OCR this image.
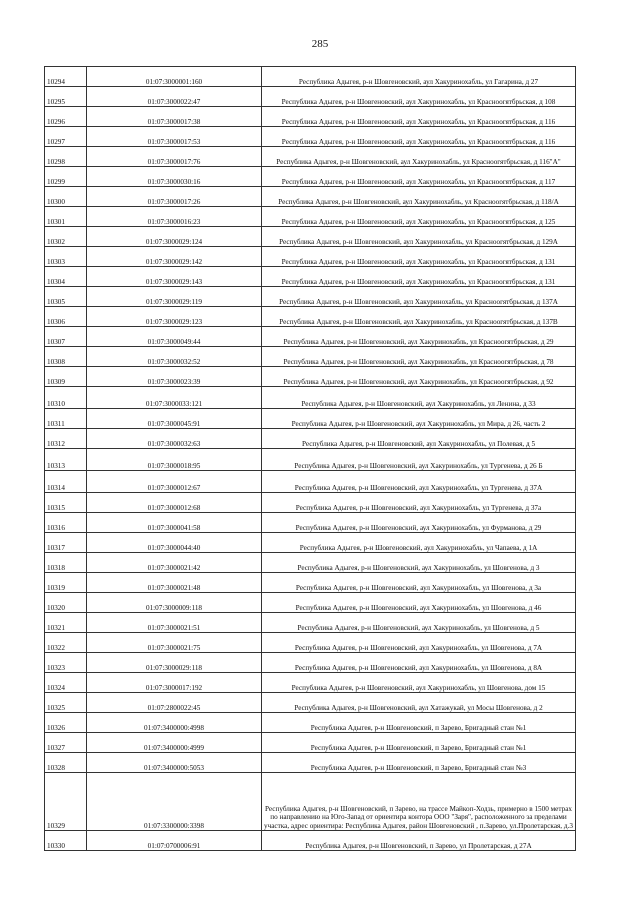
285
10294	01:07:3000001:160	Республика Адыгея, р-н Шовгеновский, аул Хакуринохабль, ул Гагарина, д 27
10295	01:07:3000022:47	Республика Адыгея, р-н Шовгеновский, аул Хакуринохабль, ул Красноогятбрьская, д 108
10296	01:07:3000017:38	Республика Адыгея, р-н Шовгеновский, аул Хакуринохабль, ул Красноогятбрьская, д 116
10297	01:07:3000017:53	Республика Адыгея, р-н Шовгеновский, аул Хакуринохабль, ул Красноогятбрьская, д 116
10298	01:07:3000017:76	Республика Адыгея, р-н Шовгеновский, аул Хакуринохабль, ул Красноогятбрьская, д 116"А"
10299	01:07:3000030:16	Республика Адыгея, р-н Шовгеновский, аул Хакуринохабль, ул Красноогятбрьская, д 117
10300	01:07:3000017:26	Республика Адыгея, р-н Шовгеновский, аул Хакуринохабль, ул Красноогятбрьская, д 118/А
10301	01:07:3000016:23	Республика Адыгея, р-н Шовгеновский, аул Хакуринохабль, ул Красноогятбрьская, д 125
10302	01:07:3000029:124	Республика Адыгея, р-н Шовгеновский, аул Хакуринохабль, ул Красноогятбрьская, д 129А
10303	01:07:3000029:142	Республика Адыгея, р-н Шовгеновский, аул Хакуринохабль, ул Красноогятбрьская, д 131
10304	01:07:3000029:143	Республика Адыгея, р-н Шовгеновский, аул Хакуринохабль, ул Красноогятбрьская, д 131
10305	01:07:3000029:119	Республика Адыгея, р-н Шовгеновский, аул Хакуринохабль, ул Красноогятбрьская, д 137А
10306	01:07:3000029:123	Республика Адыгея, р-н Шовгеновский, аул Хакуринохабль, ул Красноогятбрьская, д 137В
10307	01:07:3000049:44	Республика Адыгея, р-н Шовгеновский, аул Хакуринохабль, ул Красноогятбрьская, д 29
10308	01:07:3000032:52	Республика Адыгея, р-н Шовгеновский, аул Хакуринохабль, ул Красноогятбрьская, д 78
10309	01:07:3000023:39	Республика Адыгея, р-н Шовгеновский, аул Хакуринохабль, ул Красноогятбрьская, д 92
10310	01:07:3000033:121	Республика Адыгея, р-н Шовгеновский, аул Хакуринохабль, ул Ленина, д 33
10311	01:07:3000045:91	Республика Адыгея, р-н Шовгеновский, аул Хакуринохабль, ул Мира, д 26, часть 2
10312	01:07:3000032:63	Республика Адыгея, р-н Шовгеновский, аул Хакуринохабль, ул Полевая, д 5
10313	01:07:3000018:95	Республика Адыгея, р-н Шовгеновский, аул Хакуринохабль, ул Тургенева, д 26 Б
10314	01:07:3000012:67	Республика Адыгея, р-н Шовгеновский, аул Хакуринохабль, ул Тургенева, д 37А
10315	01:07:3000012:68	Республика Адыгея, р-н Шовгеновский, аул Хакуринохабль, ул Тургенева, д 37а
10316	01:07:3000041:58	Республика Адыгея, р-н Шовгеновский, аул Хакуринохабль, ул Фурманова, д 29
10317	01:07:3000044:40	Республика Адыгея, р-н Шовгеновский, аул Хакуринохабль, ул Чапаева, д 1А
10318	01:07:3000021:42	Республика Адыгея, р-н Шовгеновский, аул Хакуринохабль, ул Шовгенова, д 3
10319	01:07:3000021:48	Республика Адыгея, р-н Шовгеновский, аул Хакуринохабль, ул Шовгенова, д 3а
10320	01:07:3000009:118	Республика Адыгея, р-н Шовгеновский, аул Хакуринохабль, ул Шовгенова, д 46
10321	01:07:3000021:51	Республика Адыгея, р-н Шовгеновский, аул Хакуринохабль, ул Шовгенова, д 5
10322	01:07:3000021:75	Республика Адыгея, р-н Шовгеновский, аул Хакуринохабль, ул Шовгенова, д 7А
10323	01:07:3000029:118	Республика Адыгея, р-н Шовгеновский, аул Хакуринохабль, ул Шовгенова, д 8А
10324	01:07:3000017:192	Республика Адыгея, р-н Шовгеновский, аул Хакуринохабль, ул Шовгенова, дом 15
10325	01:07:2800022:45	Республика Адыгея, р-н Шовгеновский, аул Хатажукай, ул Мосы Шовгенова, д 2
10326	01:07:3400000:4998	Республика Адыгея, р-н Шовгеновский, п Зарево, Бригадный стан №1
10327	01:07:3400000:4999	Республика Адыгея, р-н Шовгеновский, п Зарево, Бригадный стан №1
10328	01:07:3400000:5053	Республика Адыгея, р-н Шовгеновский, п Зарево, Бригадный стан №3
10329	01:07:3300000:3398	Республика Адыгея, р-н Шовгеновский, п Зарево, на трассе Майкоп-Ходзь, примерно в 1500 метрах по направлению на Юго-Запад от ориентира контора ООО "Заря", расположенного за пределами участка, адрес ориентира: Республика Адыгея, район Шовгеновский , п.Зарево, ул.Пролетарская, д.3
10330	01:07:0700006:91	Республика Адыгея, р-н Шовгеновский, п Зарево, ул Пролетарская, д 27А
